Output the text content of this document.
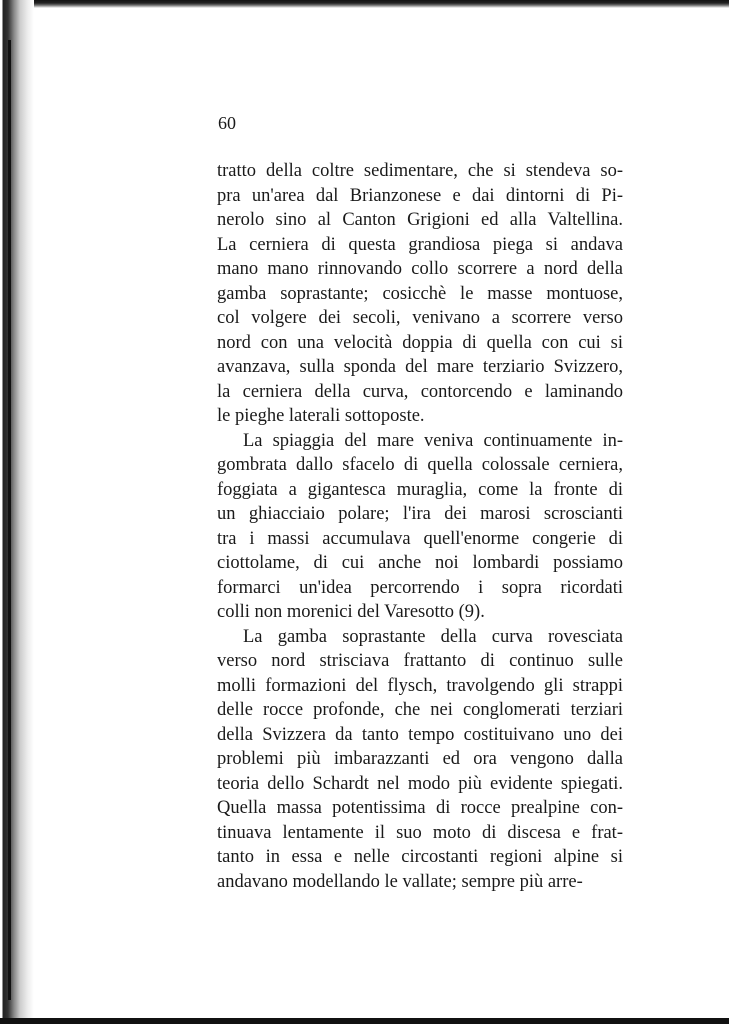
60
tratto della coltre sedimentare, che si stendeva so-
pra un'area dal Brianzonese e dai dintorni di Pi-
nerolo sino al Canton Grigioni ed alla Valtellina.
La cerniera di questa grandiosa piega si andava
mano mano rinnovando collo scorrere a nord della
gamba soprastante; cosicchè le masse montuose,
col volgere dei secoli, venivano a scorrere verso
nord con una velocità doppia di quella con cui si
avanzava, sulla sponda del mare terziario Svizzero,
la cerniera della curva, contorcendo e laminando
le pieghe laterali sottoposte.
La spiaggia del mare veniva continuamente in-
gombrata dallo sfacelo di quella colossale cerniera,
foggiata a gigantesca muraglia, come la fronte di
un ghiacciaio polare; l'ira dei marosi scroscianti
tra i massi accumulava quell'enorme congerie di
ciottolame, di cui anche noi lombardi possiamo
formarci un'idea percorrendo i sopra ricordati
colli non morenici del Varesotto (9).
La gamba soprastante della curva rovesciata
verso nord strisciava frattanto di continuo sulle
molli formazioni del flysch, travolgendo gli strappi
delle rocce profonde, che nei conglomerati terziari
della Svizzera da tanto tempo costituivano uno dei
problemi più imbarazzanti ed ora vengono dalla
teoria dello Schardt nel modo più evidente spiegati.
Quella massa potentissima di rocce prealpine con-
tinuava lentamente il suo moto di discesa e frat-
tanto in essa e nelle circostanti regioni alpine si
andavano modellando le vallate; sempre più arre-
